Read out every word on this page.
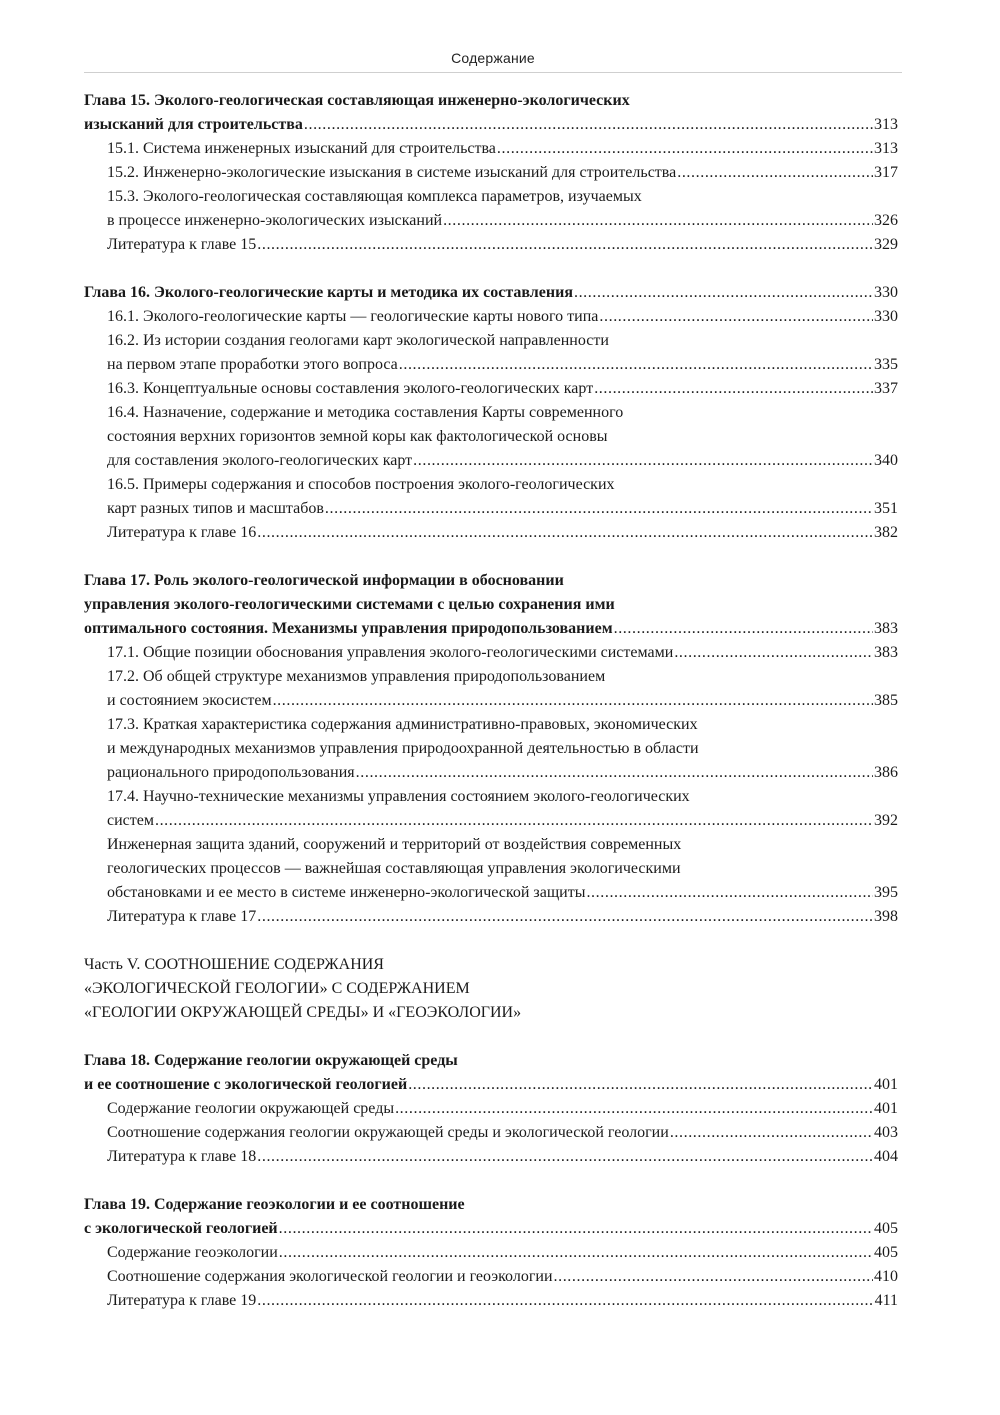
Содержание
Глава 15. Эколого-геологическая составляющая инженерно-экологических
изысканий для строительства .....	313
15.1. Система инженерных изысканий для строительства .....	313
15.2. Инженерно-экологические изыскания в системе изысканий для строительства .....	317
15.3. Эколого-геологическая составляющая комплекса параметров, изучаемых
в процессе инженерно-экологических изысканий .....	326
Литература к главе 15 .....	329
Глава 16. Эколого-геологические карты и методика их составления .....	330
16.1. Эколого-геологические карты — геологические карты нового типа .....	330
16.2. Из истории создания геологами карт экологической направленности
на первом этапе проработки этого вопроса .....	335
16.3. Концептуальные основы составления эколого-геологических карт .....	337
16.4. Назначение, содержание и методика составления Карты современного
состояния верхних горизонтов земной коры как фактологической основы
для составления эколого-геологических карт .....	340
16.5. Примеры содержания и способов построения эколого-геологических
карт разных типов и масштабов .....	351
Литература к главе 16 .....	382
Глава 17. Роль эколого-геологической информации в обосновании
управления эколого-геологическими системами с целью сохранения ими
оптимального состояния. Механизмы управления природопользованием .....	383
17.1. Общие позиции обоснования управления эколого-геологическими системами .....	383
17.2. Об общей структуре механизмов управления природопользованием
и состоянием экосистем .....	385
17.3. Краткая характеристика содержания административно-правовых, экономических
и международных механизмов управления природоохранной деятельностью в области
рационального природопользования .....	386
17.4. Научно-технические механизмы управления состоянием эколого-геологических
систем .....	392
Инженерная защита зданий, сооружений и территорий от воздействия современных
геологических процессов — важнейшая составляющая управления экологическими
обстановками и ее место в системе инженерно-экологической защиты .....	395
Литература к главе 17 .....	398
Часть V. СООТНОШЕНИЕ СОДЕРЖАНИЯ
«ЭКОЛОГИЧЕСКОЙ ГЕОЛОГИИ» С СОДЕРЖАНИЕМ
«ГЕОЛОГИИ ОКРУЖАЮЩЕЙ СРЕДЫ» И «ГЕОЭКОЛОГИИ»
Глава 18. Содержание геологии окружающей среды
и ее соотношение с экологической геологией .....	401
Содержание геологии окружающей среды .....	401
Соотношение содержания геологии окружающей среды и экологической геологии .....	403
Литература к главе 18 .....	404
Глава 19. Содержание геоэкологии и ее соотношение
с экологической геологией .....	405
Содержание геоэкологии .....	405
Соотношение содержания экологической геологии и геоэкологии .....	410
Литература к главе 19 .....	411
